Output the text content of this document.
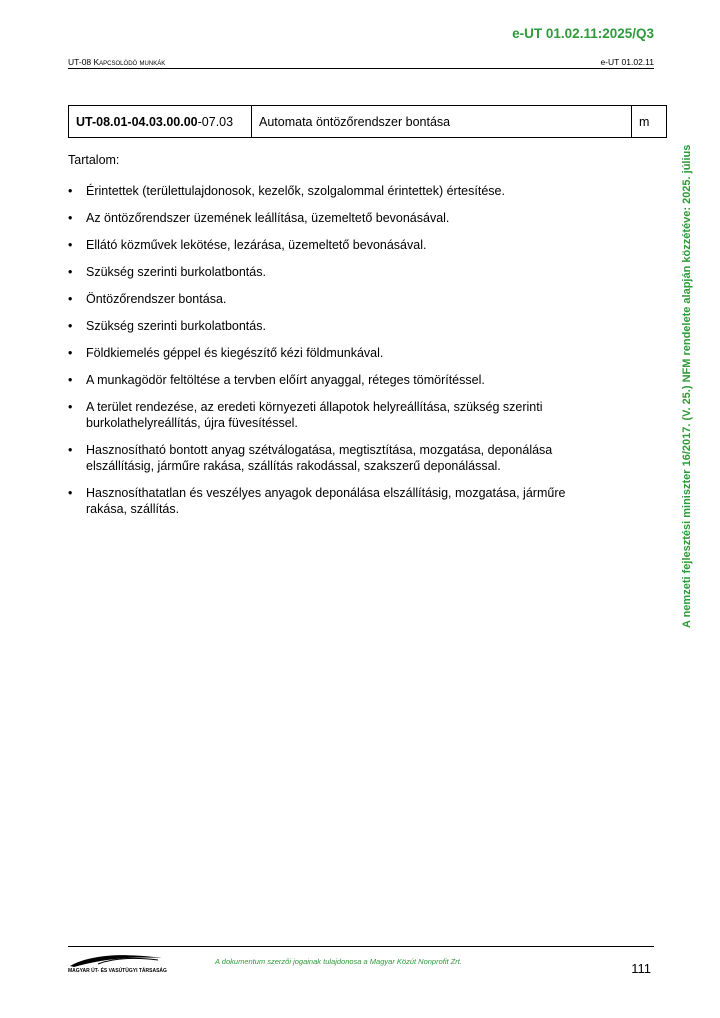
e-UT 01.02.11:2025/Q3
UT-08 Kapcsolódó munkák	e-UT 01.02.11
UT-08.01-04.03.00.00 -07.03	Automata öntözőrendszer bontása	m
Tartalom:
• Érintettek (területtulajdonosok, kezelők, szolgalommal érintettek) értesítése.
• Az öntözőrendszer üzemének leállítása, üzemeltető bevonásával.
• Ellátó közművek lekötése, lezárása, üzemeltető bevonásával.
• Szükség szerinti burkolatbontás.
• Öntözőrendszer bontása.
• Szükség szerinti burkolatbontás.
• Földkiemelés géppel és kiegészítő kézi földmunkával.
• A munkagödör feltöltése a tervben előírt anyaggal, réteges tömörítéssel.
• A terület rendezése, az eredeti környezeti állapotok helyreállítása, szükség szerinti burkolathelyreállítás, újra füvesítéssel.
• Hasznosítható bontott anyag szétválogatása, megtisztítása, mozgatása, deponálása elszállításig, járműre rakása, szállítás rakodással, szakszerű deponálással.
• Hasznosíthatatlan és veszélyes anyagok deponálása elszállításig, mozgatása, járműre rakása, szállítás.	A nemzeti fejlesztési miniszter 16/2017. (V. 25.) NFM rendelete alapján közzétéve: 2025. július
MAGYAR ÚT- ÉS VASÚTÜGYI TÁRSASÁG
A dokumentum szerzői jogainak tulajdonosa a Magyar Közút Nonprofit Zrt.	111
